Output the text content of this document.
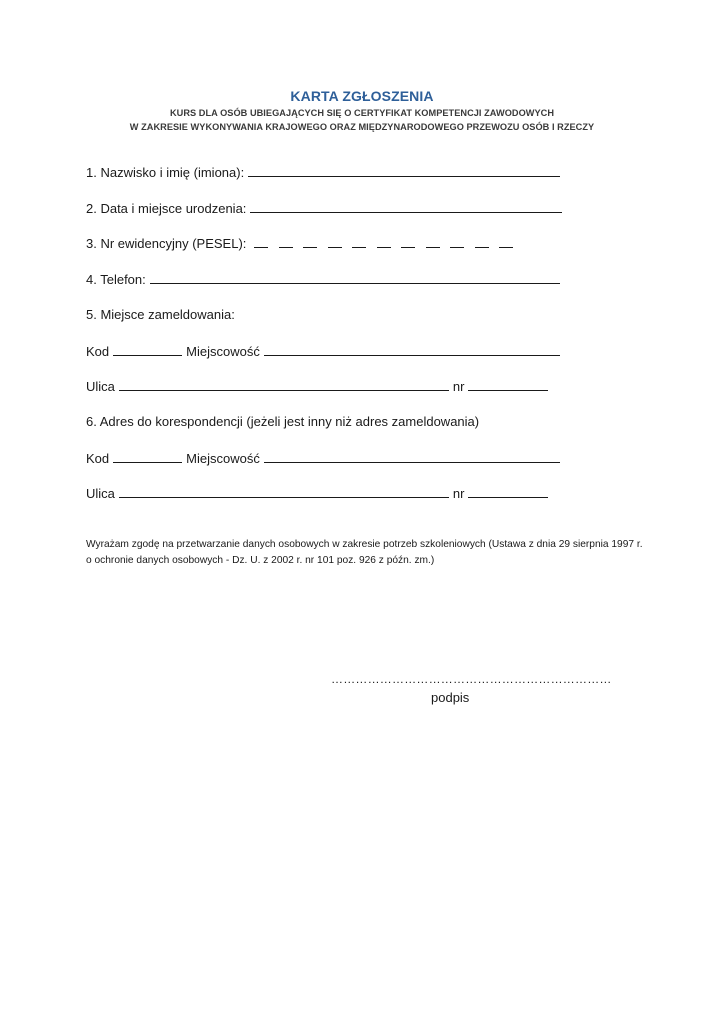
KARTA ZGŁOSZENIA
KURS DLA OSÓB UBIEGAJĄCYCH SIĘ O CERTYFIKAT KOMPETENCJI ZAWODOWYCH
W ZAKRESIE WYKONYWANIA KRAJOWEGO ORAZ MIĘDZYNARODOWEGO PRZEWOZU OSÓB I RZECZY
1. Nazwisko i imię (imiona):
2. Data i miejsce urodzenia:
3. Nr ewidencyjny (PESEL):
4. Telefon:
5. Miejsce zameldowania:
Kod	Miejscowość
Ulica	nr
6. Adres do korespondencji (jeżeli jest inny niż adres zameldowania)
Kod	Miejscowość
Ulica	nr
Wyrażam zgodę na przetwarzanie danych osobowych w zakresie potrzeb szkoleniowych (Ustawa z dnia 29 sierpnia 1997 r. o ochronie danych osobowych - Dz. U. z 2002 r. nr 101 poz. 926 z późn. zm.)
……………………………………………………………
podpis
